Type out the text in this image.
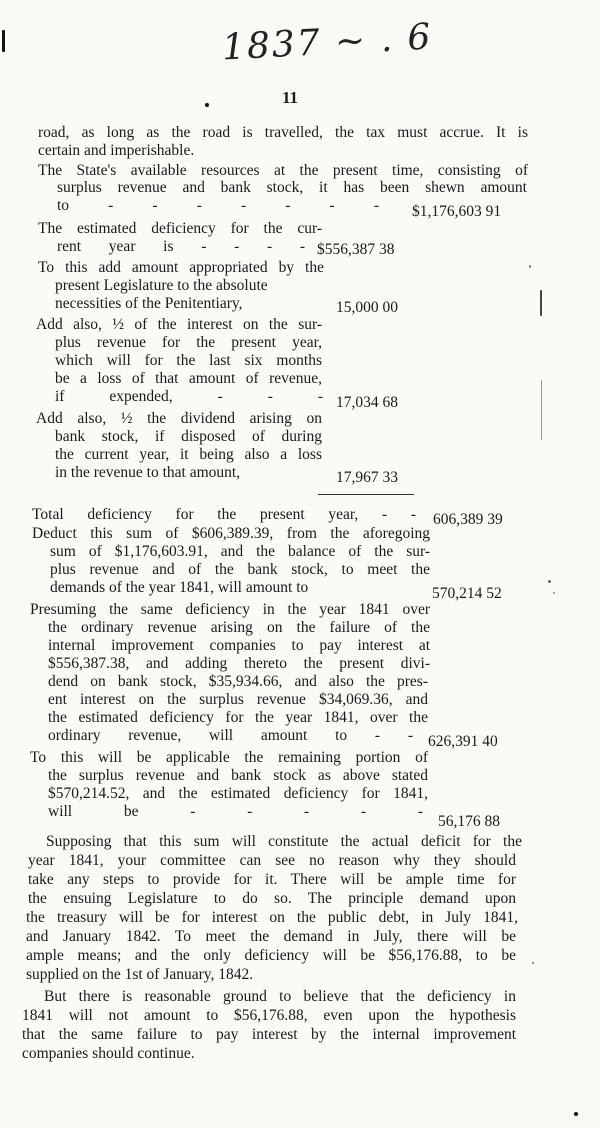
1837 ~ . 6
11
road, as long as the road is travelled, the tax must accrue. It is
certain and imperishable.
The State's available resources at the present time, consisting of
surplus revenue and bank stock, it has been shewn amount
to - - - - - - - $1,176,603 91
The estimated deficiency for the cur-
rent year is - - - - $556,387 38
To this add amount appropriated by the
present Legislature to the absolute
necessities of the Penitentiary,	15,000 00
Add also, ½ of the interest on the sur-
plus revenue for the present year,
which will for the last six months
be a loss of that amount of revenue,
if expended, - - - 17,034 68
Add also, ½ the dividend arising on
bank stock, if disposed of during
the current year, it being also a loss
in the revenue to that amount,	17,967 33
Total deficiency for the present year, - - 606,389 39
Deduct this sum of $606,389.39, from the aforegoing
sum of $1,176,603.91, and the balance of the sur-
plus revenue and of the bank stock, to meet the
demands of the year 1841, will amount to	570,214 52
Presuming the same deficiency in the year 1841 over
the ordinary revenue arising on the failure of the
internal improvement companies to pay interest at
$556,387.38, and adding thereto the present divi-
dend on bank stock, $35,934.66, and also the pres-
ent interest on the surplus revenue $34,069.36, and
the estimated deficiency for the year 1841, over the
ordinary revenue, will amount to - - 626,391 40
To this will be applicable the remaining portion of
the surplus revenue and bank stock as above stated
$570,214.52, and the estimated deficiency for 1841,
will be - - - - -
56,176 88
Supposing that this sum will constitute the actual deficit for the
year 1841, your committee can see no reason why they should
take any steps to provide for it. There will be ample time for
the ensuing Legislature to do so. The principle demand upon
the treasury will be for interest on the public debt, in July 1841,
and January 1842. To meet the demand in July, there will be
ample means; and the only deficiency will be $56,176.88, to be
supplied on the 1st of January, 1842.
But there is reasonable ground to believe that the deficiency in
1841 will not amount to $56,176.88, even upon the hypothesis
that the same failure to pay interest by the internal improvement
companies should continue.
